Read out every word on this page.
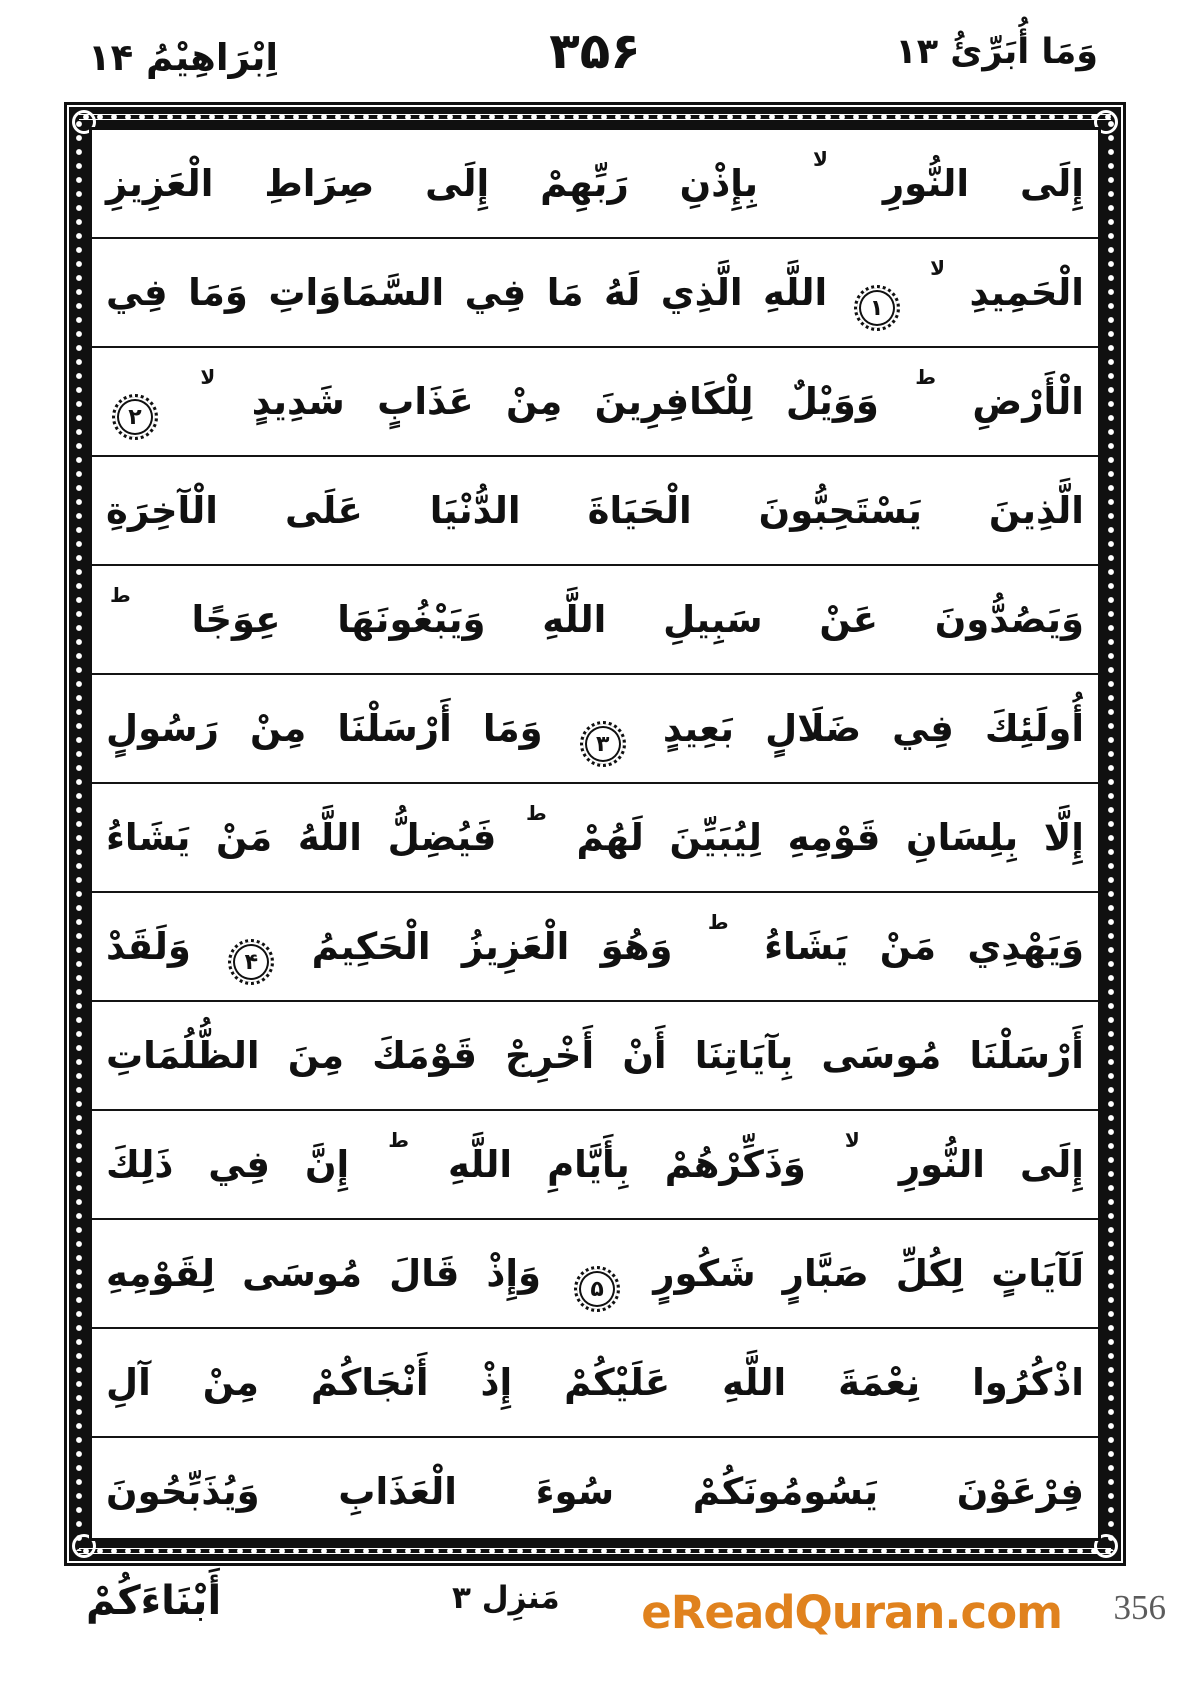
اِبْرَاهِيْمُ ۱۴	۳۵۶	وَمَا أُبَرِّئُ ۱۳
إِلَى النُّورِ لا بِإِذْنِ رَبِّهِمْ إِلَى صِرَاطِ الْعَزِيزِ
الْحَمِيدِ لا ۱ اللَّهِ الَّذِي لَهُ مَا فِي السَّمَاوَاتِ وَمَا فِي
الْأَرْضِ ط وَوَيْلٌ لِلْكَافِرِينَ مِنْ عَذَابٍ شَدِيدٍ لا ۲
الَّذِينَ يَسْتَحِبُّونَ الْحَيَاةَ الدُّنْيَا عَلَى الْآخِرَةِ
وَيَصُدُّونَ عَنْ سَبِيلِ اللَّهِ وَيَبْغُونَهَا عِوَجًا ط
أُولَئِكَ فِي ضَلَالٍ بَعِيدٍ ۳ وَمَا أَرْسَلْنَا مِنْ رَسُولٍ
إِلَّا بِلِسَانِ قَوْمِهِ لِيُبَيِّنَ لَهُمْ ط فَيُضِلُّ اللَّهُ مَنْ يَشَاءُ
وَيَهْدِي مَنْ يَشَاءُ ط وَهُوَ الْعَزِيزُ الْحَكِيمُ ۴ وَلَقَدْ
أَرْسَلْنَا مُوسَى بِآيَاتِنَا أَنْ أَخْرِجْ قَوْمَكَ مِنَ الظُّلُمَاتِ
إِلَى النُّورِ لا وَذَكِّرْهُمْ بِأَيَّامِ اللَّهِ ط إِنَّ فِي ذَلِكَ
لَآيَاتٍ لِكُلِّ صَبَّارٍ شَكُورٍ ۵ وَإِذْ قَالَ مُوسَى لِقَوْمِهِ
اذْكُرُوا نِعْمَةَ اللَّهِ عَلَيْكُمْ إِذْ أَنْجَاكُمْ مِنْ آلِ
فِرْعَوْنَ يَسُومُونَكُمْ سُوءَ الْعَذَابِ وَيُذَبِّحُونَ
أَبْنَاءَكُمْ	مَنزِل ۳ eReadQuran.com 356
